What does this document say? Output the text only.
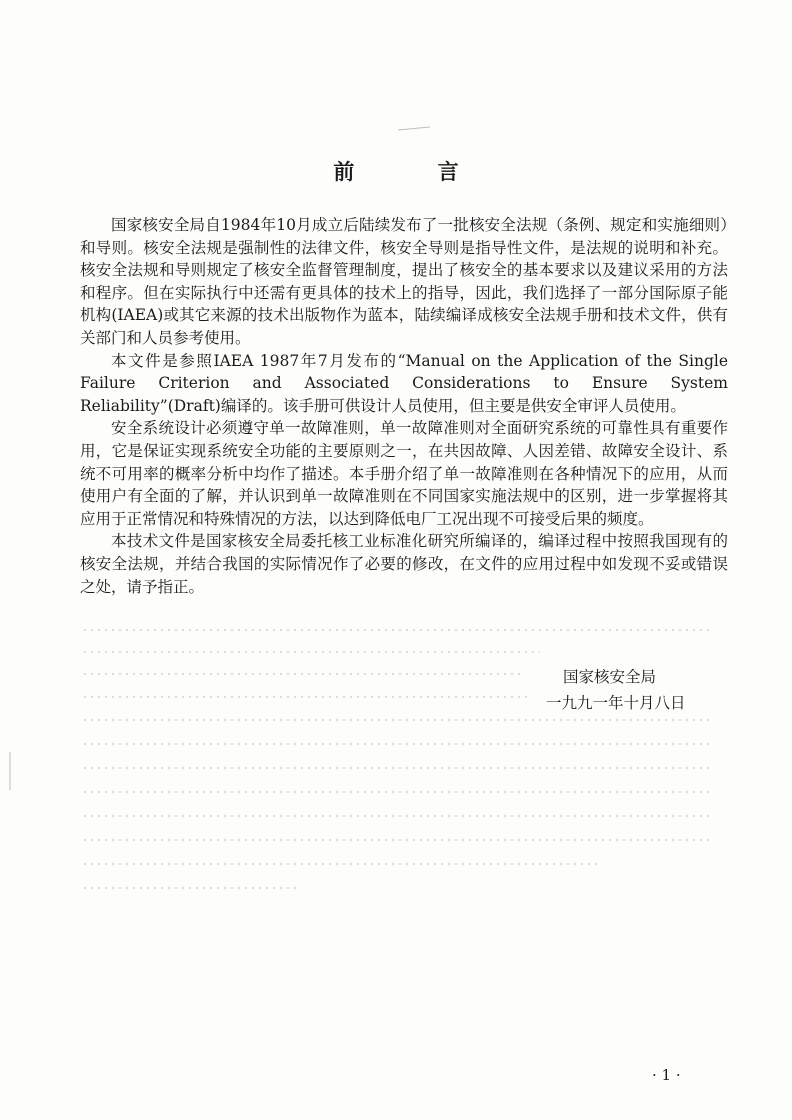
前 言

国家核安全局自1984年10月成立后陆续发布了一批核安全法规（条例、规定和实施细则）和导则。核安全法规是强制性的法律文件，核安全导则是指导性文件，是法规的说明和补充。核安全法规和导则规定了核安全监督管理制度，提出了核安全的基本要求以及建议采用的方法和程序。但在实际执行中还需有更具体的技术上的指导，因此，我们选择了一部分国际原子能机构(IAEA)或其它来源的技术出版物作为蓝本，陆续编译成核安全法规手册和技术文件，供有关部门和人员参考使用。

本文件是参照IAEA 1987年7月发布的“Manual on the Application of the Single Failure Criterion and Associated Considerations to Ensure System Reliability”(Draft)编译的。该手册可供设计人员使用，但主要是供安全审评人员使用。

安全系统设计必须遵守单一故障准则，单一故障准则对全面研究系统的可靠性具有重要作用，它是保证实现系统安全功能的主要原则之一，在共因故障、人因差错、故障安全设计、系统不可用率的概率分析中均作了描述。本手册介绍了单一故障准则在各种情况下的应用，从而使用户有全面的了解，并认识到单一故障准则在不同国家实施法规中的区别，进一步掌握将其应用于正常情况和特殊情况的方法，以达到降低电厂工况出现不可接受后果的频度。

本技术文件是国家核安全局委托核工业标准化研究所编译的，编译过程中按照我国现有的核安全法规，并结合我国的实际情况作了必要的修改，在文件的应用过程中如发现不妥或错误之处，请予指正。

国家核安全局
一九九一年十月八日
· 1 ·
